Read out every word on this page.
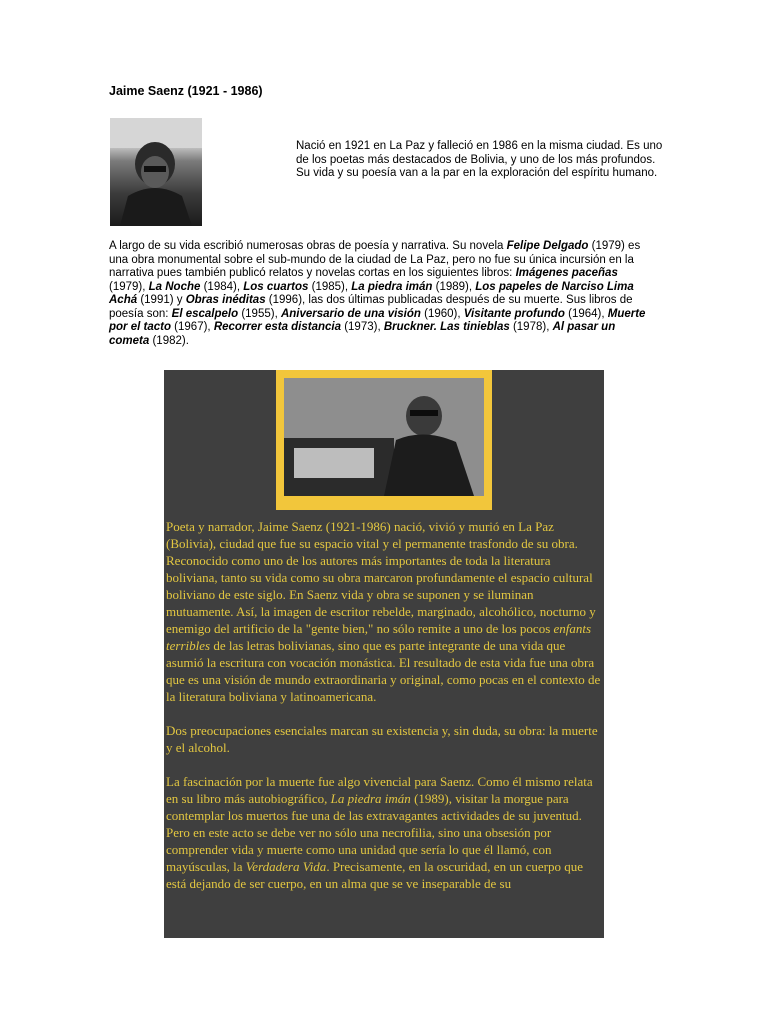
Jaime Saenz (1921 - 1986)
Nació en 1921 en La Paz y falleció en 1986 en la misma ciudad. Es uno de los poetas más destacados de Bolivia, y uno de los más profundos. Su vida y su poesía van a la par en la exploración del espíritu humano.
A largo de su vida escribió numerosas obras de poesía y narrativa. Su novela Felipe Delgado (1979) es una obra monumental sobre el sub-mundo de la ciudad de La Paz, pero no fue su única incursión en la narrativa pues también publicó relatos y novelas cortas en los siguientes libros: Imágenes paceñas (1979), La Noche (1984), Los cuartos (1985), La piedra imán (1989), Los papeles de Narciso Lima Achá (1991) y Obras inéditas (1996), las dos últimas publicadas después de su muerte. Sus libros de poesía son: El escalpelo (1955), Aniversario de una visión (1960), Visitante profundo (1964), Muerte por el tacto (1967), Recorrer esta distancia (1973), Bruckner. Las tinieblas (1978), Al pasar un cometa (1982).

Poeta y narrador, Jaime Saenz (1921-1986) nació, vivió y murió en La Paz (Bolivia), ciudad que fue su espacio vital y el permanente trasfondo de su obra. Reconocido como uno de los autores más importantes de toda la literatura boliviana, tanto su vida como su obra marcaron profundamente el espacio cultural boliviano de este siglo. En Saenz vida y obra se suponen y se iluminan mutuamente. Así, la imagen de escritor rebelde, marginado, alcohólico, nocturno y enemigo del artificio de la "gente bien," no sólo remite a uno de los pocos enfants terribles de las letras bolivianas, sino que es parte integrante de una vida que asumió la escritura con vocación monástica. El resultado de esta vida fue una obra que es una visión de mundo extraordinaria y original, como pocas en el contexto de la literatura boliviana y latinoamericana.

Dos preocupaciones esenciales marcan su existencia y, sin duda, su obra: la muerte y el alcohol.

La fascinación por la muerte fue algo vivencial para Saenz. Como él mismo relata en su libro más autobiográfico, La piedra imán (1989), visitar la morgue para contemplar los muertos fue una de las extravagantes actividades de su juventud. Pero en este acto se debe ver no sólo una necrofilia, sino una obsesión por comprender vida y muerte como una unidad que sería lo que él llamó, con mayúsculas, la Verdadera Vida. Precisamente, en la oscuridad, en un cuerpo que está dejando de ser cuerpo, en un alma que se ve inseparable de su
